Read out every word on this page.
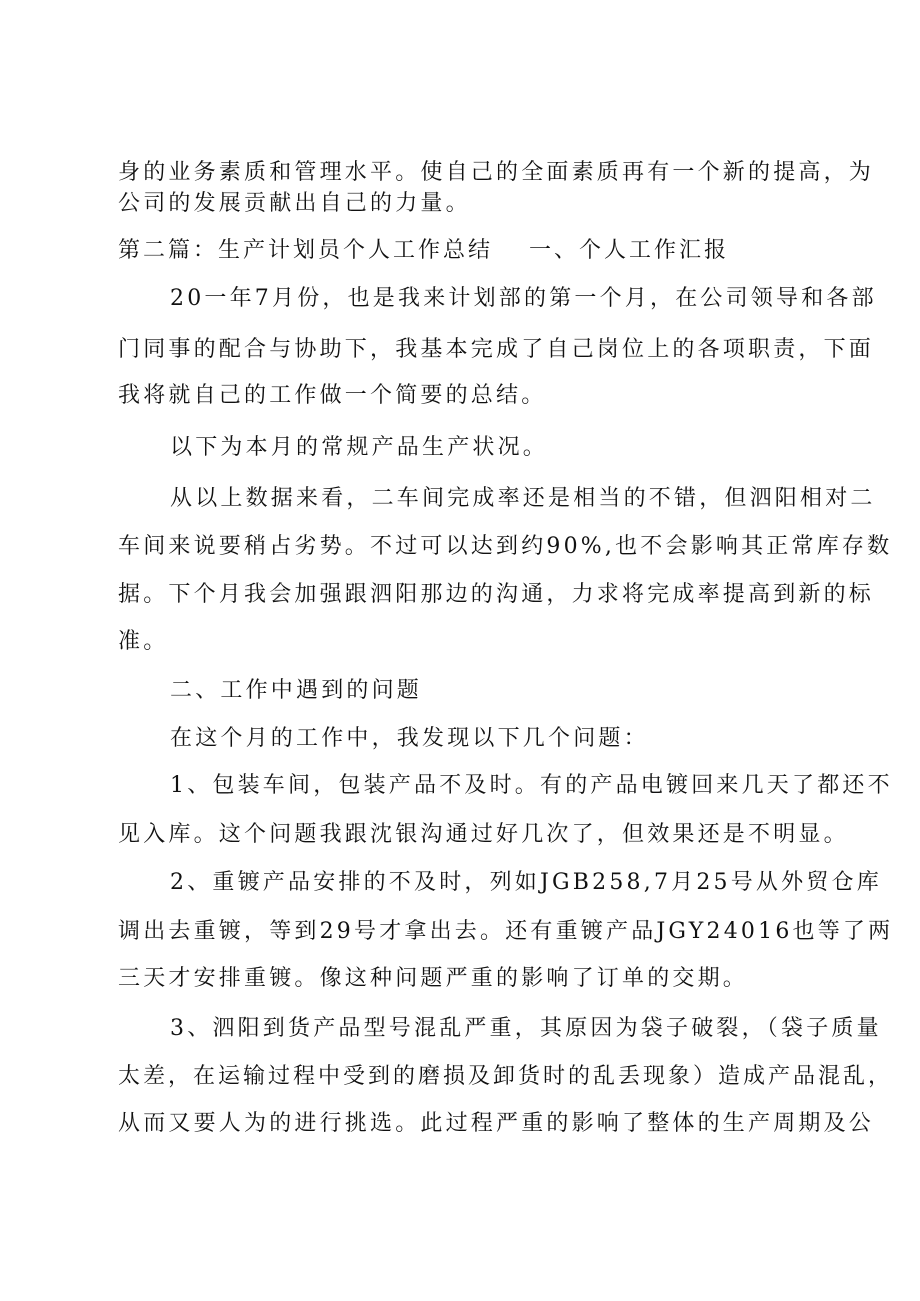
身的业务素质和管理水平。使自己的全面素质再有一个新的提高，为
公司的发展贡献出自己的力量。
第二篇：生产计划员个人工作总结 一、个人工作汇报
20一年7月份，也是我来计划部的第一个月，在公司领导和各部
门同事的配合与协助下，我基本完成了自己岗位上的各项职责，下面
我将就自己的工作做一个简要的总结。
以下为本月的常规产品生产状况。
从以上数据来看，二车间完成率还是相当的不错，但泗阳相对二
车间来说要稍占劣势。不过可以达到约90%,也不会影响其正常库存数
据。下个月我会加强跟泗阳那边的沟通，力求将完成率提高到新的标
准。
二、工作中遇到的问题
在这个月的工作中，我发现以下几个问题：
1、包装车间，包装产品不及时。有的产品电镀回来几天了都还不
见入库。这个问题我跟沈银沟通过好几次了，但效果还是不明显。
2、重镀产品安排的不及时，列如JGB258,7月25号从外贸仓库
调出去重镀，等到29号才拿出去。还有重镀产品JGY24016也等了两
三天才安排重镀。像这种问题严重的影响了订单的交期。
3、泗阳到货产品型号混乱严重，其原因为袋子破裂，（袋子质量
太差，在运输过程中受到的磨损及卸货时的乱丢现象）造成产品混乱，
从而又要人为的进行挑选。此过程严重的影响了整体的生产周期及公
